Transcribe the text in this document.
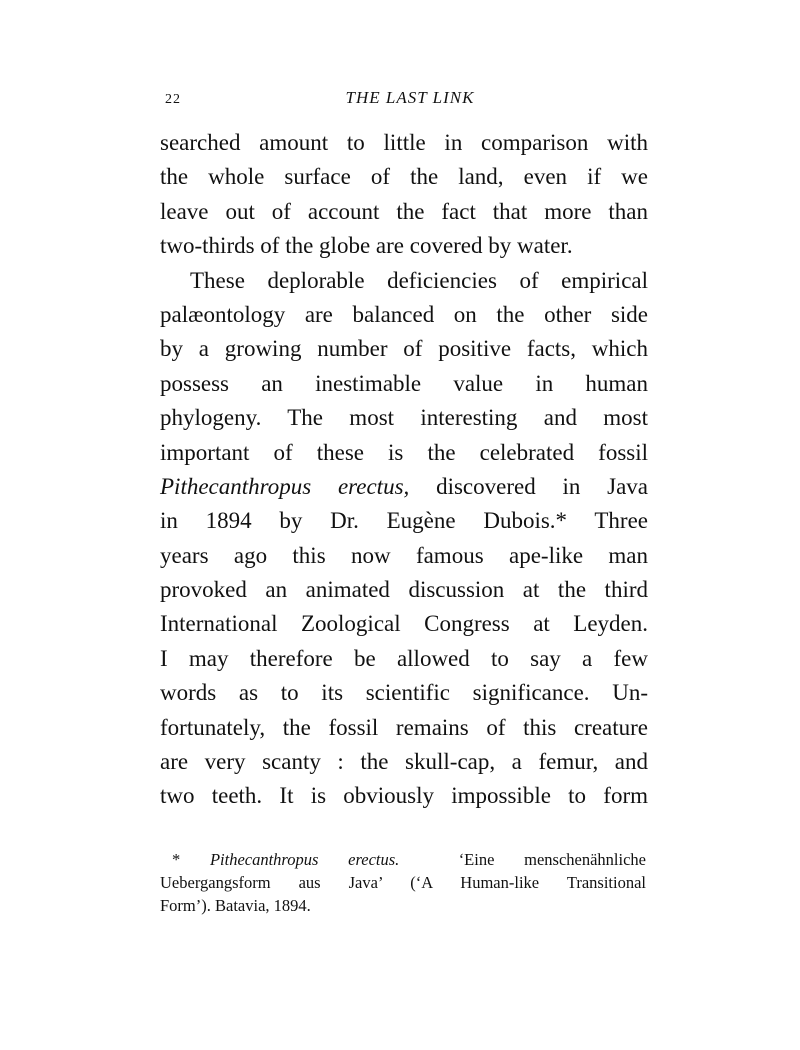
22	THE LAST LINK
searched amount to little in comparison with
the whole surface of the land, even if we
leave out of account the fact that more than
two-thirds of the globe are covered by water.
These deplorable deficiencies of empirical
palæontology are balanced on the other side
by a growing number of positive facts, which
possess an inestimable value in human
phylogeny. The most interesting and most
important of these is the celebrated fossil
Pithecanthropus erectus, discovered in Java
in 1894 by Dr. Eugène Dubois.* Three
years ago this now famous ape-like man
provoked an animated discussion at the third
International Zoological Congress at Leyden.
I may therefore be allowed to say a few
words as to its scientific significance. Un-
fortunately, the fossil remains of this creature
are very scanty : the skull-cap, a femur, and
two teeth. It is obviously impossible to form
* Pithecanthropus erectus.	‘Eine menschenähnliche
Uebergangsform aus Java’ (‘A Human-like Transitional
Form’). Batavia, 1894.
